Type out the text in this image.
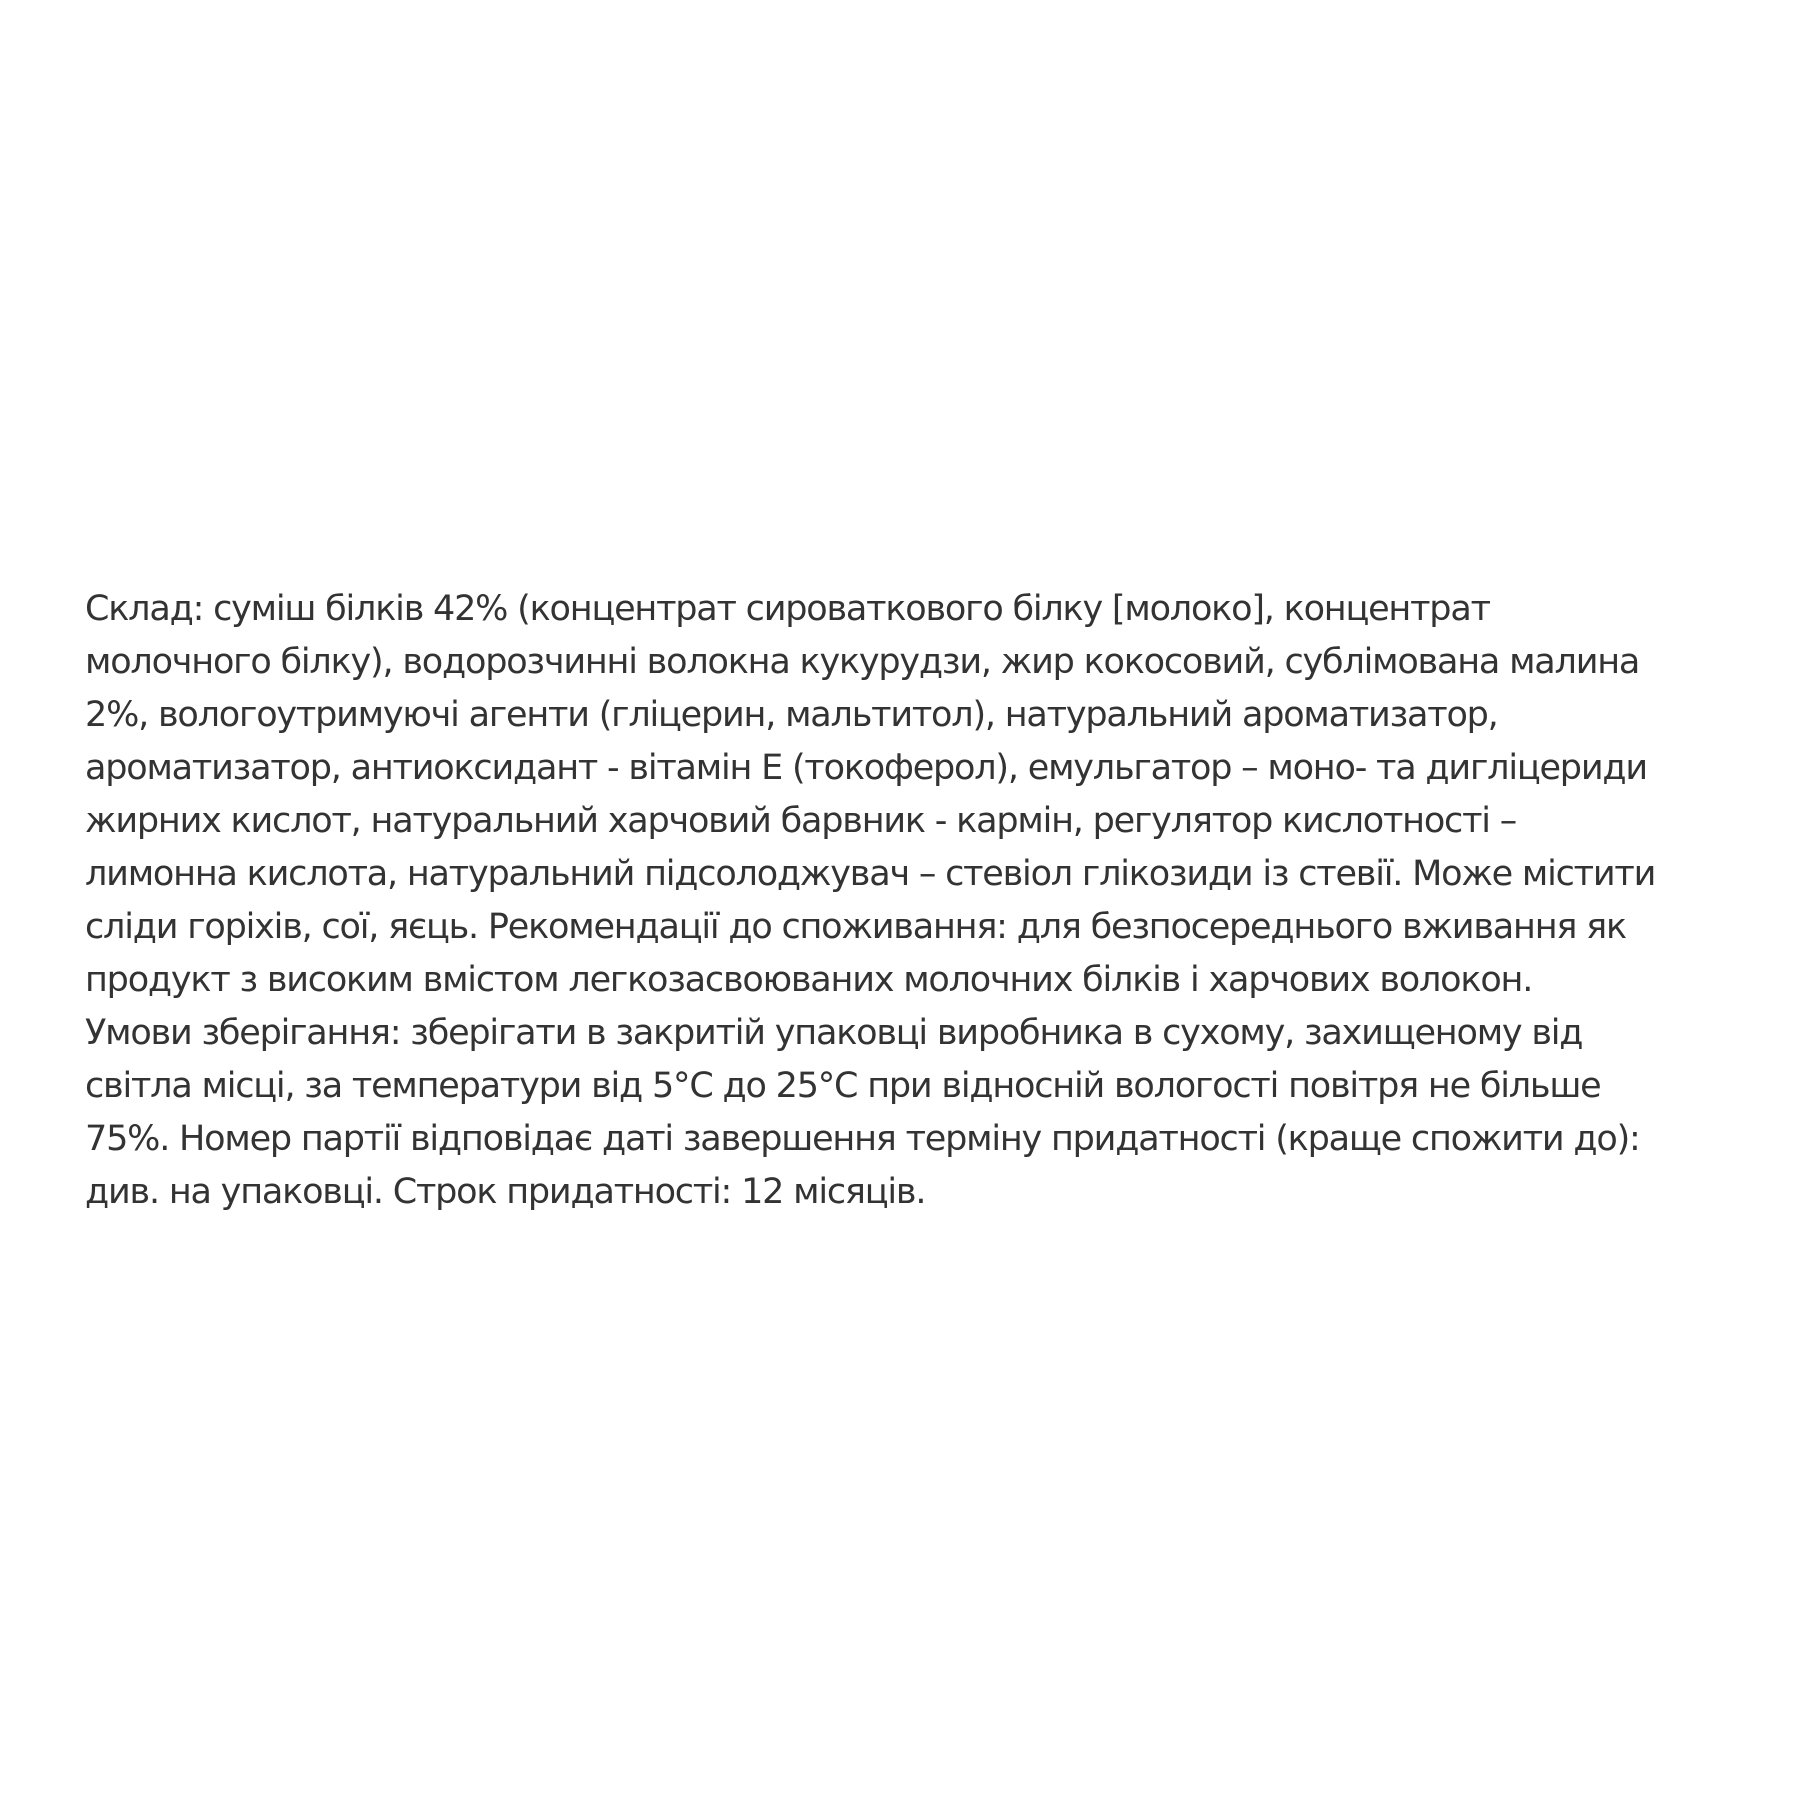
Склад: суміш білків 42% (концентрат сироваткового білку [молоко], концентрат
молочного білку), водорозчинні волокна кукурудзи, жир кокосовий, сублімована малина
2%, вологоутримуючі агенти (гліцерин, мальтитол), натуральний ароматизатор,
ароматизатор, антиоксидант - вітамін Е (токоферол), емульгатор – моно- та дигліцериди
жирних кислот, натуральний харчовий барвник - кармін, регулятор кислотності –
лимонна кислота, натуральний підсолоджувач – стевіол глікозиди із стевії. Може містити
сліди горіхів, сої, яєць. Рекомендації до споживання: для безпосереднього вживання як
продукт з високим вмістом легкозасвоюваних молочних білків і харчових волокон.
Умови зберігання: зберігати в закритій упаковці виробника в сухому, захищеному від
світла місці, за температури від 5°С до 25°С при відносній вологості повітря не більше
75%. Номер партії відповідає даті завершення терміну придатності (краще спожити до):
див. на упаковці. Строк придатності: 12 місяців.
